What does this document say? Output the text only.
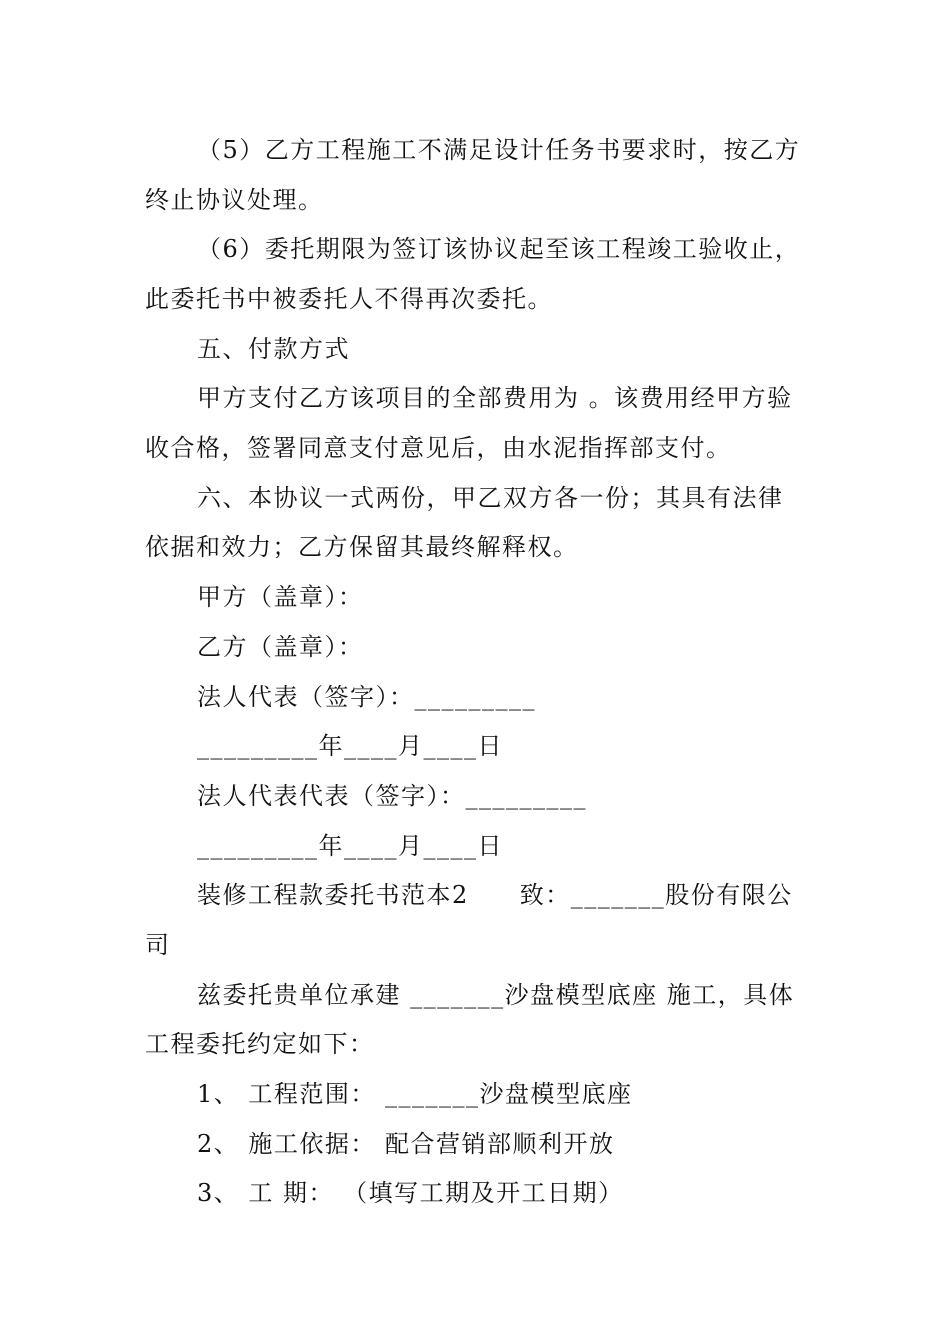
（5）乙方工程施工不满足设计任务书要求时，按乙方
终止协议处理。
（6）委托期限为签订该协议起至该工程竣工验收止，
此委托书中被委托人不得再次委托。
五、付款方式
甲方支付乙方该项目的全部费用为 。该费用经甲方验
收合格，签署同意支付意见后，由水泥指挥部支付。
六、本协议一式两份，甲乙双方各一份；其具有法律
依据和效力；乙方保留其最终解释权。
甲方（盖章）：
乙方（盖章）：
法人代表（签字）：_________
_________年____月____日
法人代表代表（签字）：_________
_________年____月____日
装修工程款委托书范本2　　致：_______股份有限公
司
兹委托贵单位承建 _______沙盘模型底座 施工，具体
工程委托约定如下：
1、 工程范围： _______沙盘模型底座
2、 施工依据： 配合营销部顺利开放
3、 工 期： （填写工期及开工日期）
